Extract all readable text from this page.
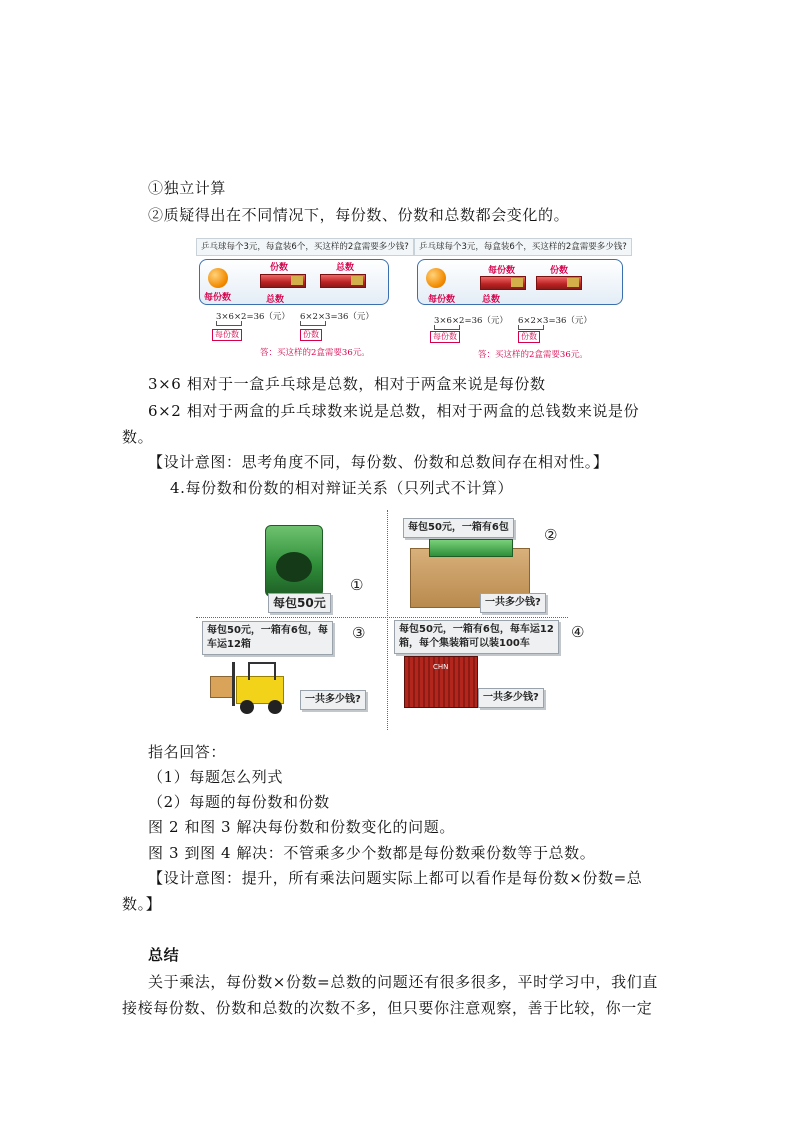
①独立计算
②质疑得出在不同情况下，每份数、份数和总数都会变化的。
乒乓球每个3元，每盒装6个，买这样的2盒需要多少钱?
份数	总数
每份数	总数
3×6×2=36（元） 6×2×3=36（元）
每份数	份数
答：买这样的2盒需要36元。
乒乓球每个3元，每盒装6个，买这样的2盒需要多少钱?
每份数	份数
每份数	总数
3×6×2=36（元） 6×2×3=36（元）
每份数	份数
答：买这样的2盒需要36元。
3×6 相对于一盒乒乓球是总数，相对于两盒来说是每份数
6×2 相对于两盒的乒乓球数来说是总数，相对于两盒的总钱数来说是份
数。
【设计意图：思考角度不同，每份数、份数和总数间存在相对性。】
4.每份数和份数的相对辩证关系（只列式不计算）
每包50元
①
每包50元，一箱有6包	②
一共多少钱?
每包50元，一箱有6包，每
车运12箱
③
一共多少钱?
每包50元，一箱有6包，每车运12
箱，每个集装箱可以装100车
④
CHN
一共多少钱?
指名回答：
（1）每题怎么列式
（2）每题的每份数和份数
图 2 和图 3 解决每份数和份数变化的问题。
图 3 到图 4 解决：不管乘多少个数都是每份数乘份数等于总数。
【设计意图：提升，所有乘法问题实际上都可以看作是每份数×份数=总
数。】
总结
关于乘法，每份数×份数=总数的问题还有很多很多，平时学习中，我们直
接椄每份数、份数和总数的次数不多，但只要你注意观察，善于比较，你一定
